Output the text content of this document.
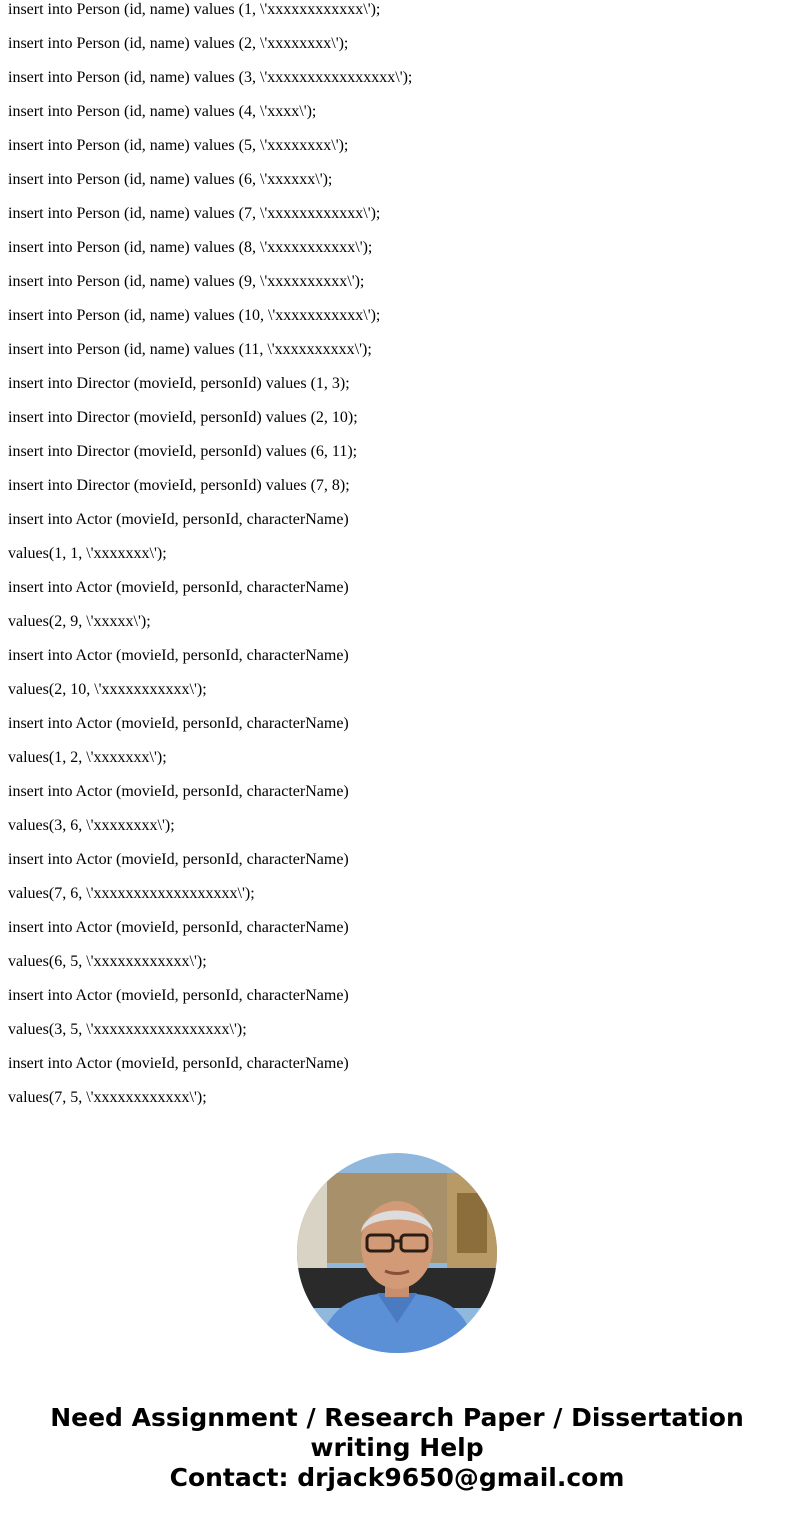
insert into Person (id, name) values (1, \'xxxxxxxxxxxx\');
insert into Person (id, name) values (2, \'xxxxxxxx\');
insert into Person (id, name) values (3, \'xxxxxxxxxxxxxxxx\');
insert into Person (id, name) values (4, \'xxxx\');
insert into Person (id, name) values (5, \'xxxxxxxx\');
insert into Person (id, name) values (6, \'xxxxxx\');
insert into Person (id, name) values (7, \'xxxxxxxxxxxx\');
insert into Person (id, name) values (8, \'xxxxxxxxxxx\');
insert into Person (id, name) values (9, \'xxxxxxxxxx\');
insert into Person (id, name) values (10, \'xxxxxxxxxxx\');
insert into Person (id, name) values (11, \'xxxxxxxxxx\');
insert into Director (movieId, personId) values (1, 3);
insert into Director (movieId, personId) values (2, 10);
insert into Director (movieId, personId) values (6, 11);
insert into Director (movieId, personId) values (7, 8);
insert into Actor (movieId, personId, characterName)
values(1, 1, \'xxxxxxx\');
insert into Actor (movieId, personId, characterName)
values(2, 9, \'xxxxx\');
insert into Actor (movieId, personId, characterName)
values(2, 10, \'xxxxxxxxxxx\');
insert into Actor (movieId, personId, characterName)
values(1, 2, \'xxxxxxx\');
insert into Actor (movieId, personId, characterName)
values(3, 6, \'xxxxxxxx\');
insert into Actor (movieId, personId, characterName)
values(7, 6, \'xxxxxxxxxxxxxxxxxx\');
insert into Actor (movieId, personId, characterName)
values(6, 5, \'xxxxxxxxxxxx\');
insert into Actor (movieId, personId, characterName)
values(3, 5, \'xxxxxxxxxxxxxxxxx\');
insert into Actor (movieId, personId, characterName)
values(7, 5, \'xxxxxxxxxxxx\');
Need Assignment / Research Paper / Dissertation
writing Help
Contact: drjack9650@gmail.com
